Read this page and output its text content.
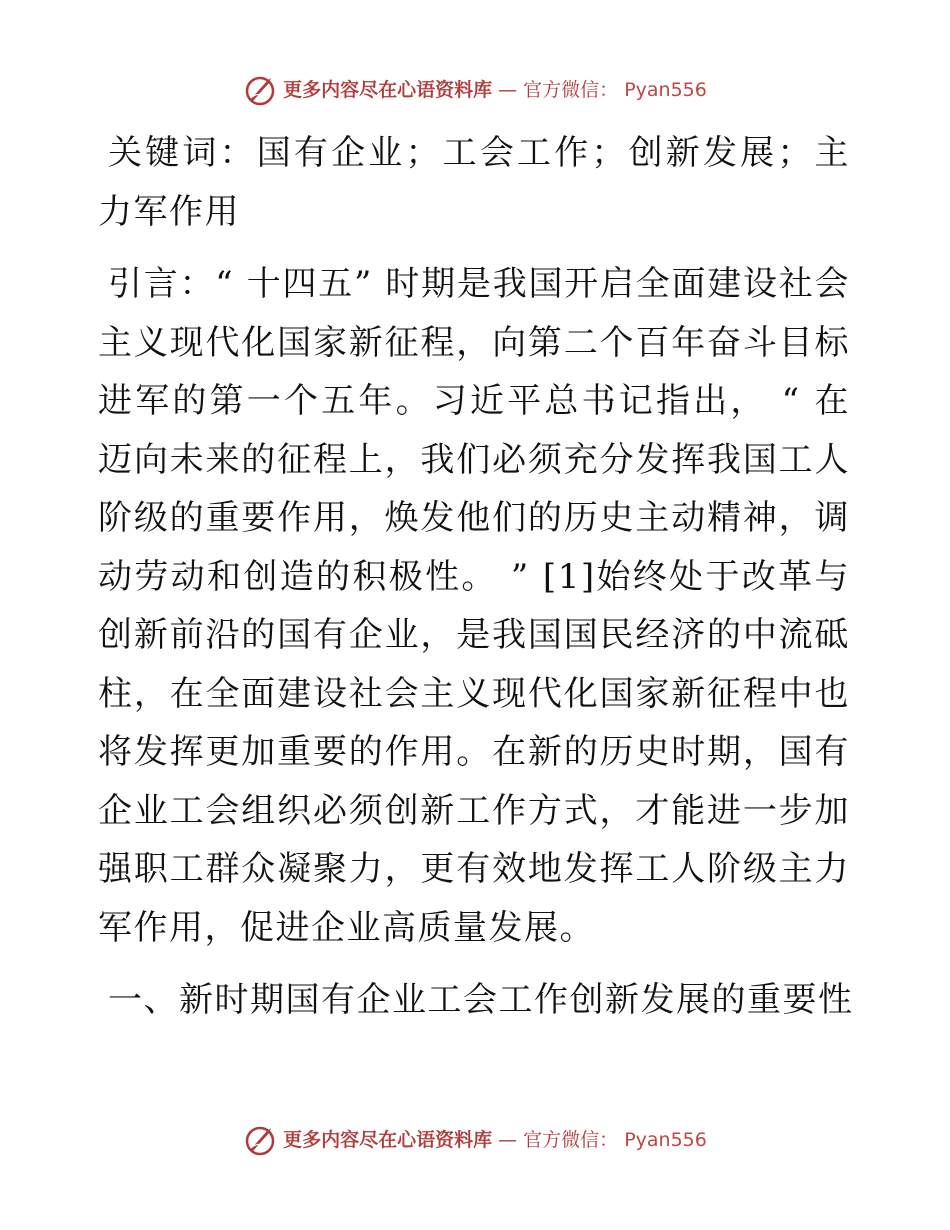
更多内容尽在心语资料库 — 官方微信： Pyan556

关键词：国有企业；工会工作；创新发展；主力军作用

引言：“ 十四五” 时期是我国开启全面建设社会主义现代化国家新征程，向第二个百年奋斗目标进军的第一个五年。习近平总书记指出， “ 在迈向未来的征程上，我们必须充分发挥我国工人阶级的重要作用，焕发他们的历史主动精神，调动劳动和创造的积极性。 ” [1]始终处于改革与创新前沿的国有企业，是我国国民经济的中流砥柱，在全面建设社会主义现代化国家新征程中也将发挥更加重要的作用。在新的历史时期，国有企业工会组织必须创新工作方式，才能进一步加强职工群众凝聚力，更有效地发挥工人阶级主力军作用，促进企业高质量发展。

一、新时期国有企业工会工作创新发展的重要性

更多内容尽在心语资料库 — 官方微信： Pyan556
